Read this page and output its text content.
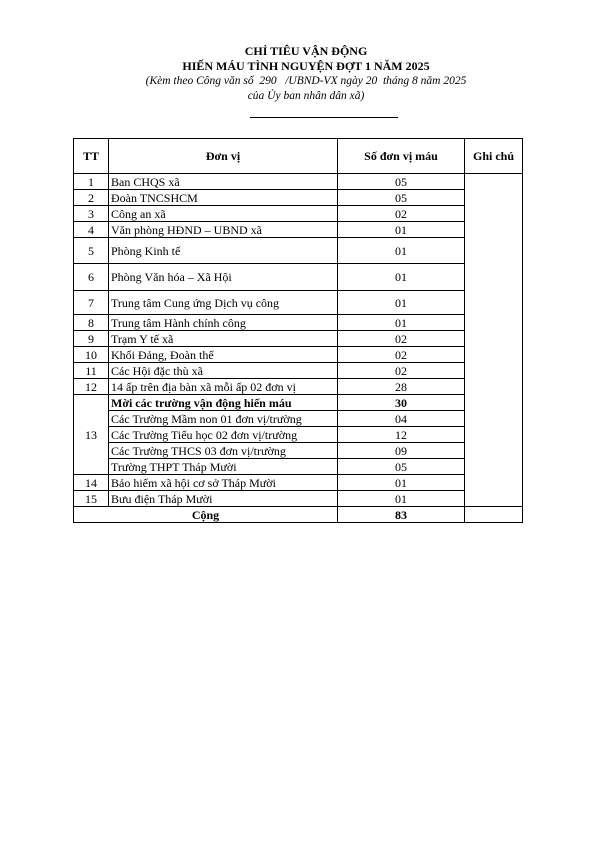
CHỈ TIÊU VẬN ĐỘNG
HIẾN MÁU TÌNH NGUYỆN ĐỢT 1 NĂM 2025
(Kèm theo Công văn số  290   /UBND-VX ngày 20  tháng 8 năm 2025
của Ủy ban nhân dân xã)
TT	Đơn vị	Số đơn vị máu	Ghi chú
1	Ban CHQS xã	05	
2	Đoàn TNCSHCM	05	
3	Công an xã	02	
4	Văn phòng HĐND – UBND xã	01	
5	Phòng Kinh tế	01	
6	Phòng Văn hóa – Xã Hội	01	
7	Trung tâm Cung ứng Dịch vụ công	01	
8	Trung tâm Hành chính công	01	
9	Trạm Y tế xã	02	
10	Khối Đảng, Đoàn thể	02	
11	Các Hội đặc thù xã	02	
12	14 ấp trên địa bàn xã mỗi ấp 02 đơn vị	28	
13	Mời các trường vận động hiến máu	30	
	Các Trường Mầm non 01 đơn vị/trường	04	
	Các Trường Tiểu học 02 đơn vị/trường	12	
	Các Trường THCS 03 đơn vị/trường	09	
	Trường THPT Tháp Mười	05	
14	Bảo hiểm xã hội cơ sở Tháp Mười	01	
15	Bưu điện Tháp Mười	01	
Cộng		83	
